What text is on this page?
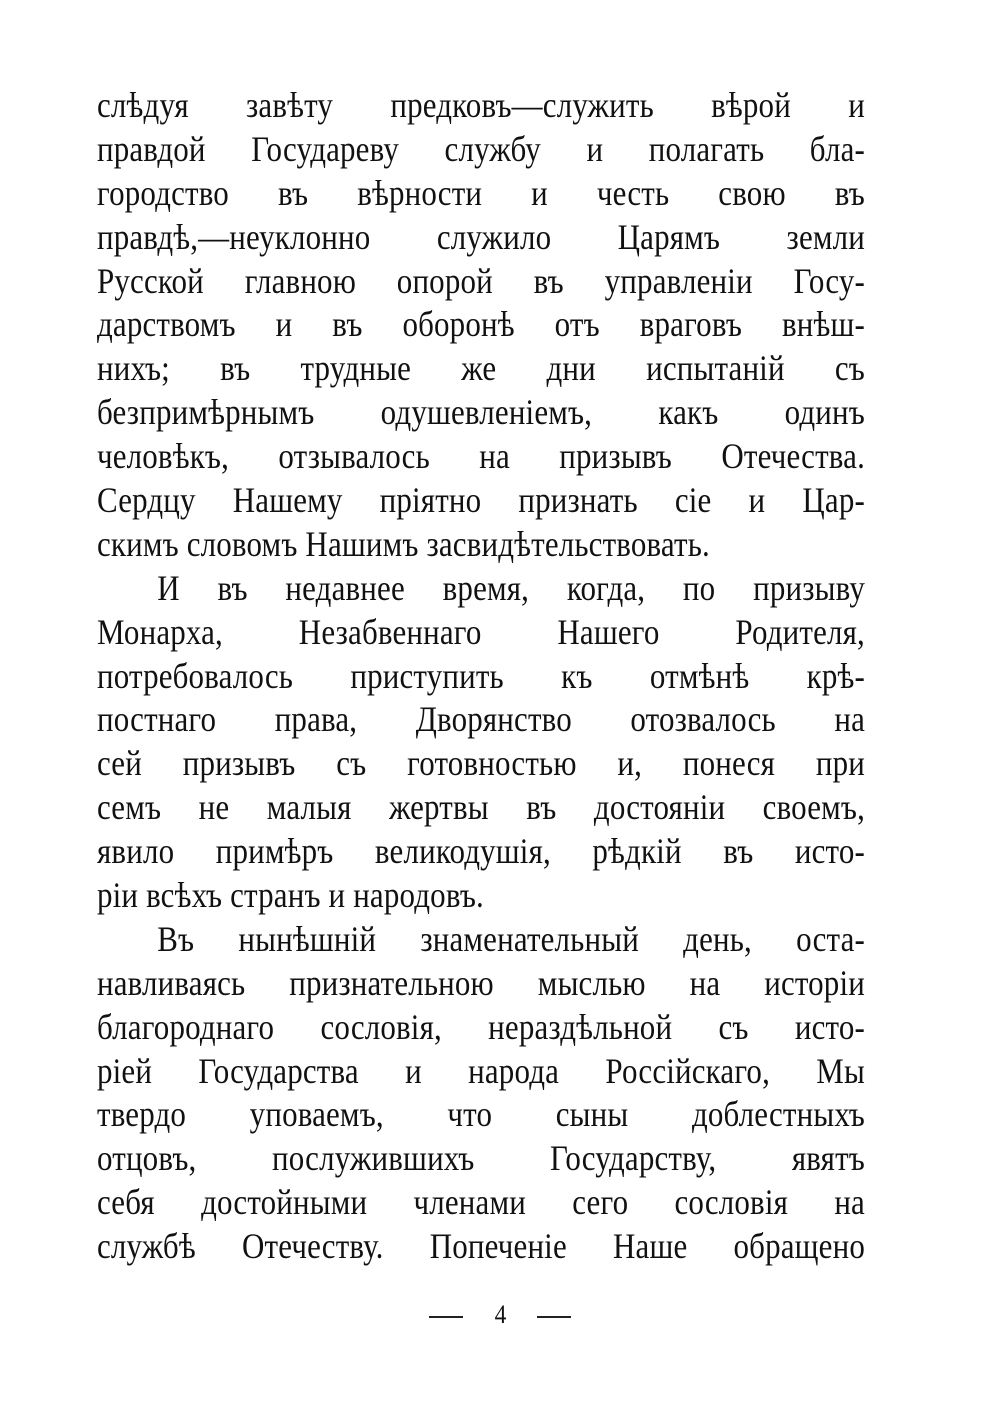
слѣдуя завѣту предковъ—служить вѣрой и
правдой Государеву службу и полагать бла-
городство въ вѣрности и честь свою въ
правдѣ,—неуклонно служило Царямъ земли
Русской главною опорой въ управленіи Госу-
дарствомъ и въ оборонѣ отъ враговъ внѣш-
нихъ; въ трудные же дни испытаній съ
безпримѣрнымъ одушевленіемъ, какъ одинъ
человѣкъ, отзывалось на призывъ Отечества.
Сердцу Нашему пріятно признать сіе и Цар-
скимъ словомъ Нашимъ засвидѣтельствовать.
И въ недавнее время, когда, по призыву
Монарха, Незабвеннаго Нашего Родителя,
потребовалось приступить къ отмѣнѣ крѣ-
постнаго права, Дворянство отозвалось на
сей призывъ съ готовностью и, понеся при
семъ не малыя жертвы въ достояніи своемъ,
явило примѣръ великодушія, рѣдкій въ исто-
ріи всѣхъ странъ и народовъ.
Въ нынѣшній знаменательный день, оста-
навливаясь признательною мыслью на исторіи
благороднаго сословія, нераздѣльной съ исто-
ріей Государства и народа Россійскаго, Мы
твердо уповаемъ, что сыны доблестныхъ
отцовъ, послужившихъ Государству, явятъ
себя достойными членами сего сословія на
службѣ Отечеству. Попеченіе Наше обращено
4
